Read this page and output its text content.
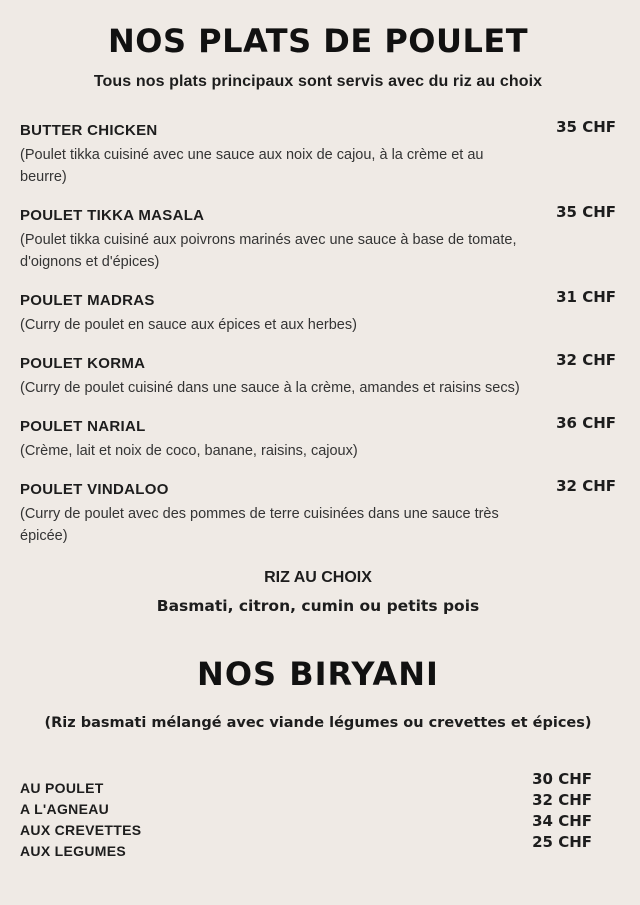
NOS PLATS DE POULET

Tous nos plats principaux sont servis avec du riz au choix

BUTTER CHICKEN	35 CHF

(Poulet tikka cuisiné avec une sauce aux noix de cajou, à la crème et au beurre)

POULET TIKKA MASALA	35 CHF

(Poulet tikka cuisiné aux poivrons marinés avec une sauce à base de tomate, d'oignons et d'épices)

POULET MADRAS	31 CHF

(Curry de poulet en sauce aux épices et aux herbes)

POULET KORMA	32 CHF

(Curry de poulet cuisiné dans une sauce à la crème, amandes et raisins secs)

POULET NARIAL	36 CHF

(Crème, lait et noix de coco, banane, raisins, cajoux)

POULET VINDALOO	32 CHF

(Curry de poulet avec des pommes de terre cuisinées dans une sauce très épicée)

RIZ AU CHOIX

Basmati, citron, cumin ou petits pois

NOS BIRYANI

(Riz basmati mélangé avec viande légumes ou crevettes et épices)

AU POULET	30 CHF
A L'AGNEAU	32 CHF
AUX CREVETTES	34 CHF
AUX LEGUMES	25 CHF
